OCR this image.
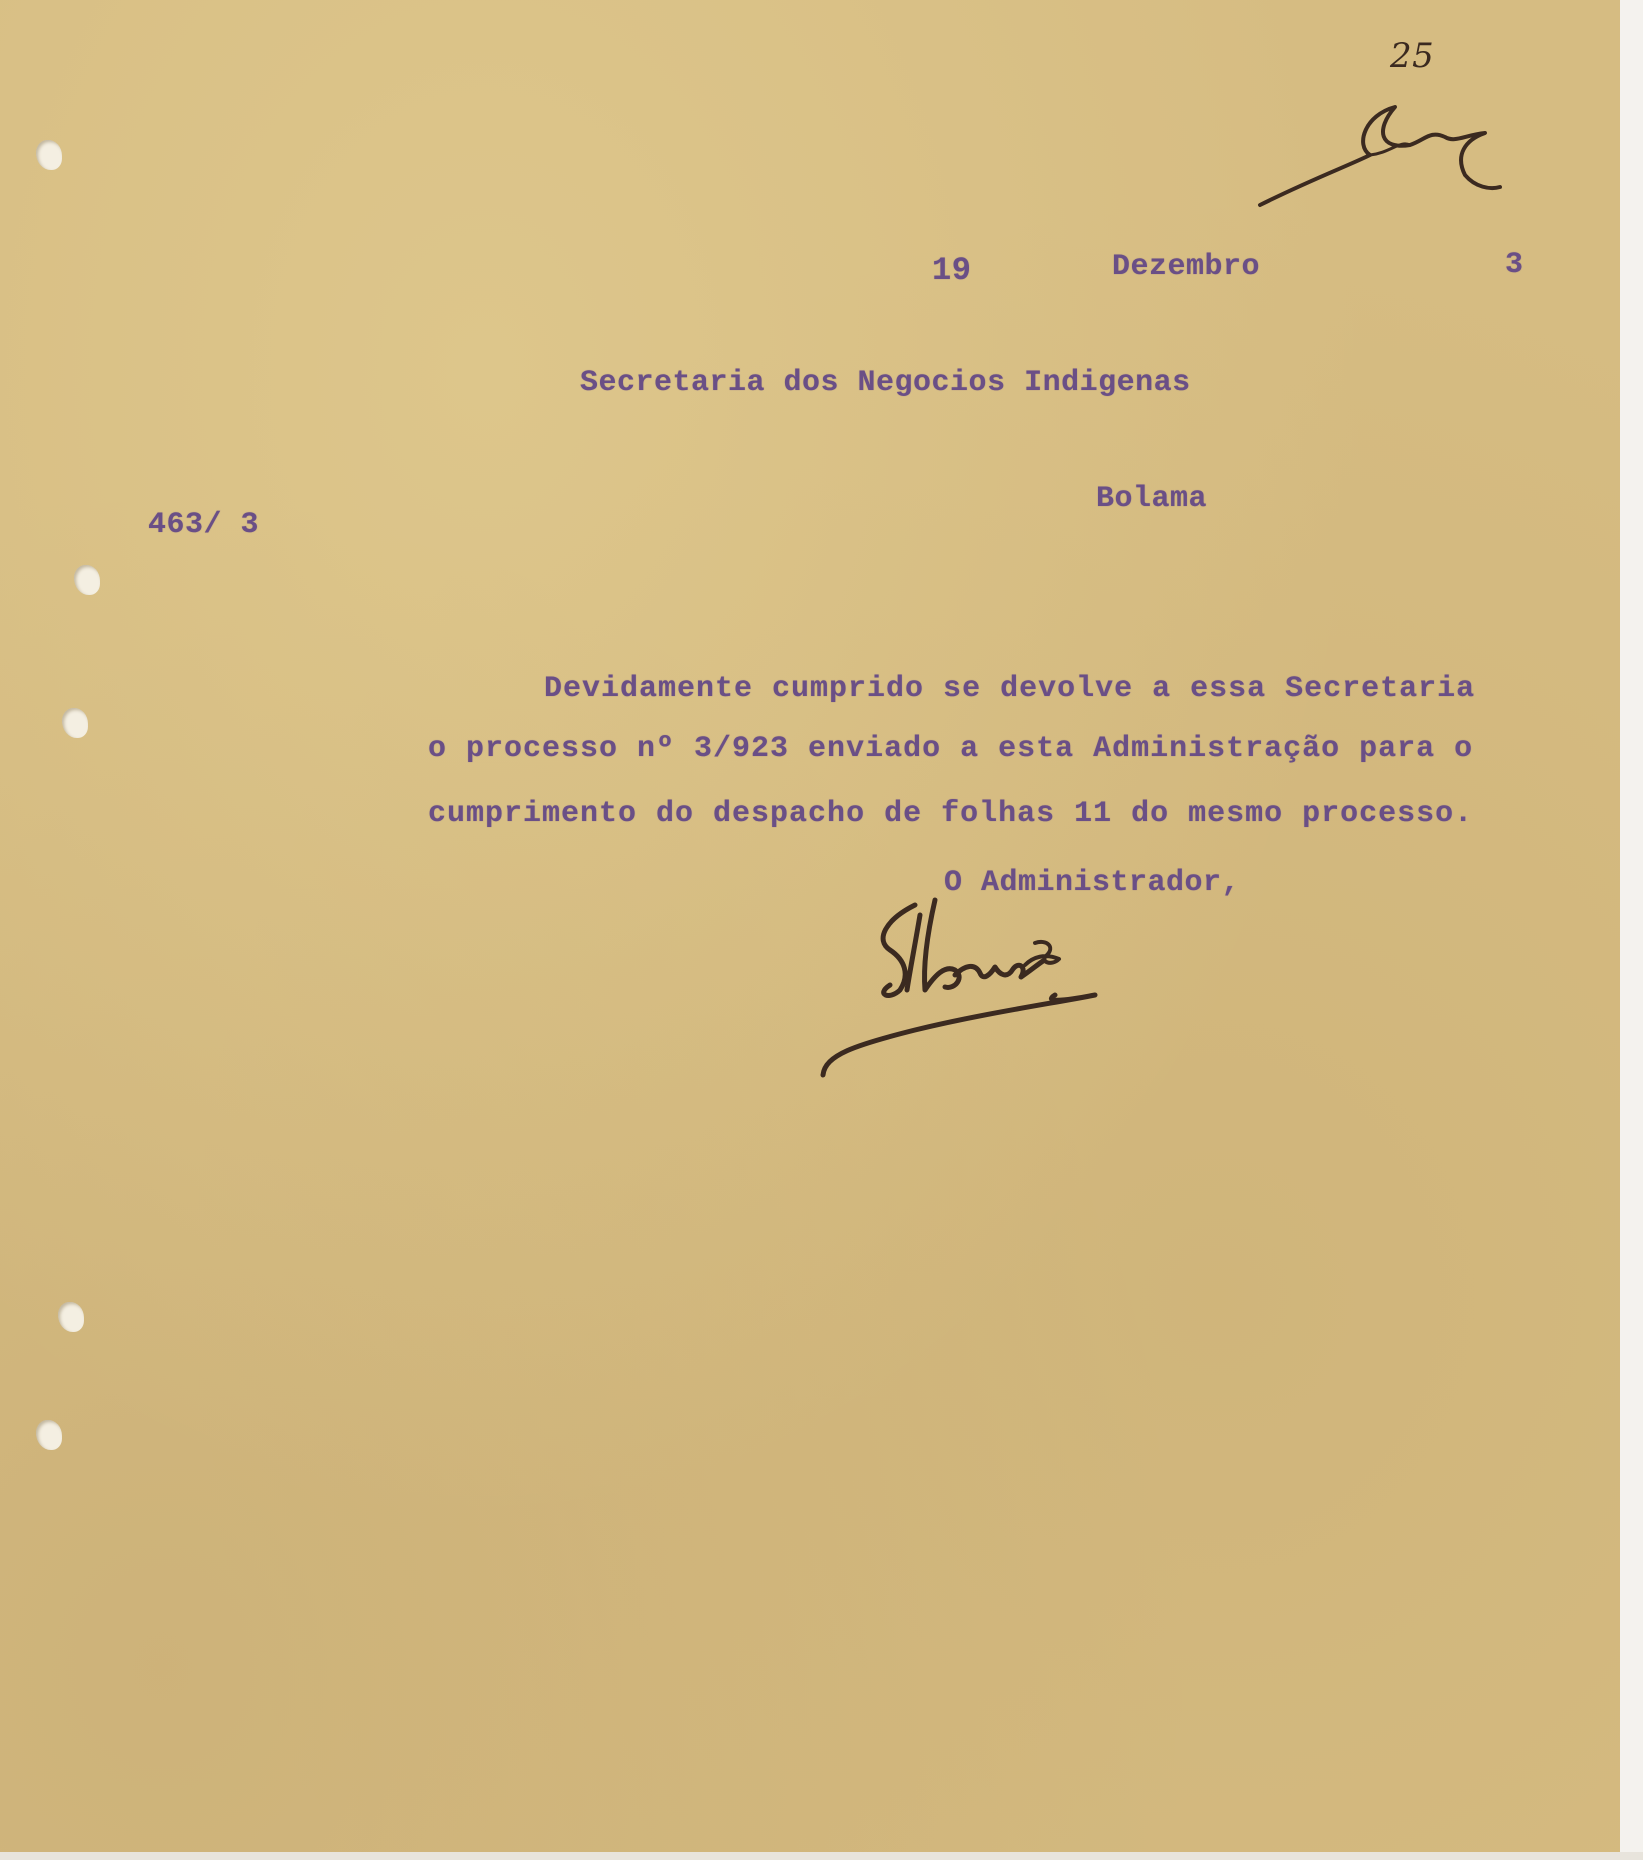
25
19	Dezembro	3
Secretaria dos Negocios Indigenas
Bolama
463/ 3
Devidamente cumprido se devolve a essa Secretaria
o processo nº 3/923 enviado a esta Administração para o
cumprimento do despacho de folhas 11 do mesmo processo.
O Administrador,
